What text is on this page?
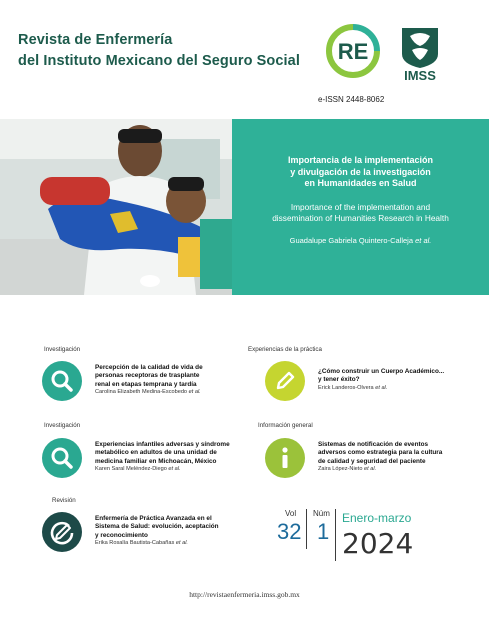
Revista de Enfermería
del Instituto Mexicano del Seguro Social RE
IMSS
e-ISSN 2448-8062
Importancia de la implementación
y divulgación de la investigación
en Humanidades en Salud
Importance of the implementation and
dissemination of Humanities Research in Health
Guadalupe Gabriela Quintero-Calleja et al.
Investigación
Percepción de la calidad de vida de
personas receptoras de trasplante
renal en etapas temprana y tardía
Carolina Elizabeth Medina-Escobedo et al.
Experiencias de la práctica
¿Cómo construir un Cuerpo Académico...
y tener éxito?
Erick Landeros-Olvera et al.
Investigación
Experiencias infantiles adversas y síndrome
metabólico en adultos de una unidad de
medicina familiar en Michoacán, México
Karen Saral Meléndez-Diego et al.
Información general
Sistemas de notificación de eventos
adversos como estrategia para la cultura
de calidad y seguridad del paciente
Zaira López-Nieto et al.
Revisión
Enfermería de Práctica Avanzada en el
Sistema de Salud: evolución, aceptación
y reconocimiento
Erika Rosalía Bautista-Cabañas et al.
Vol
32
Núm
1
Enero-marzo
2024
http://revistaenfermeria.imss.gob.mx
